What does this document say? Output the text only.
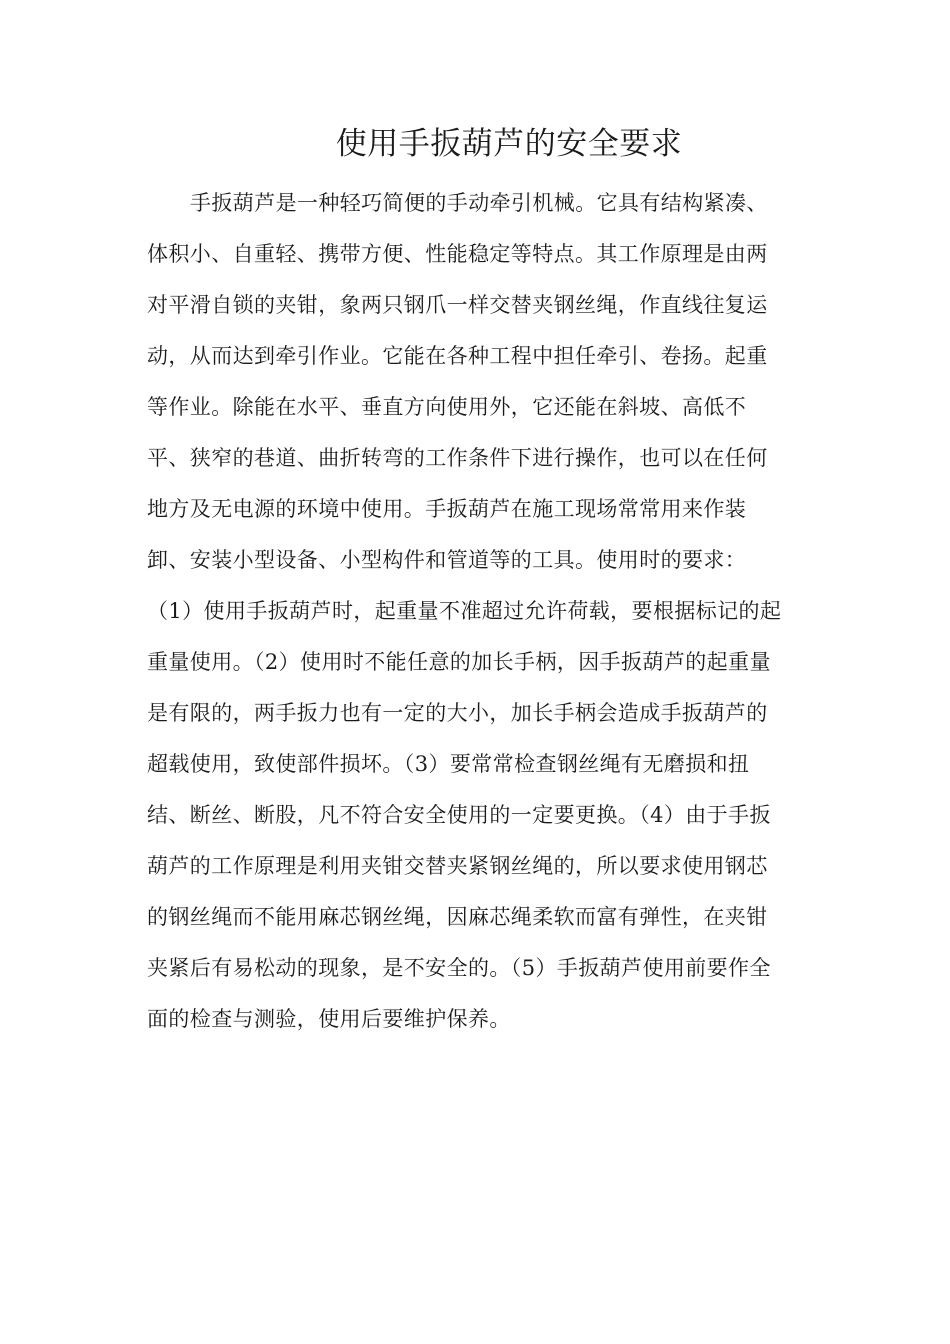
使用手扳葫芦的安全要求
手扳葫芦是一种轻巧简便的手动牵引机械。它具有结构紧凑、
体积小、自重轻、携带方便、性能稳定等特点。其工作原理是由两
对平滑自锁的夹钳，象两只钢爪一样交替夹钢丝绳，作直线往复运
动，从而达到牵引作业。它能在各种工程中担任牵引、卷扬。起重
等作业。除能在水平、垂直方向使用外，它还能在斜坡、高低不
平、狭窄的巷道、曲折转弯的工作条件下进行操作，也可以在任何
地方及无电源的环境中使用。手扳葫芦在施工现场常常用来作装
卸、安装小型设备、小型构件和管道等的工具。使用时的要求：
（1）使用手扳葫芦时，起重量不准超过允许荷载，要根据标记的起
重量使用。（2）使用时不能任意的加长手柄，因手扳葫芦的起重量
是有限的，两手扳力也有一定的大小，加长手柄会造成手扳葫芦的
超载使用，致使部件损坏。（3）要常常检查钢丝绳有无磨损和扭
结、断丝、断股，凡不符合安全使用的一定要更换。（4）由于手扳
葫芦的工作原理是利用夹钳交替夹紧钢丝绳的，所以要求使用钢芯
的钢丝绳而不能用麻芯钢丝绳，因麻芯绳柔软而富有弹性，在夹钳
夹紧后有易松动的现象，是不安全的。（5）手扳葫芦使用前要作全
面的检查与测验，使用后要维护保养。
